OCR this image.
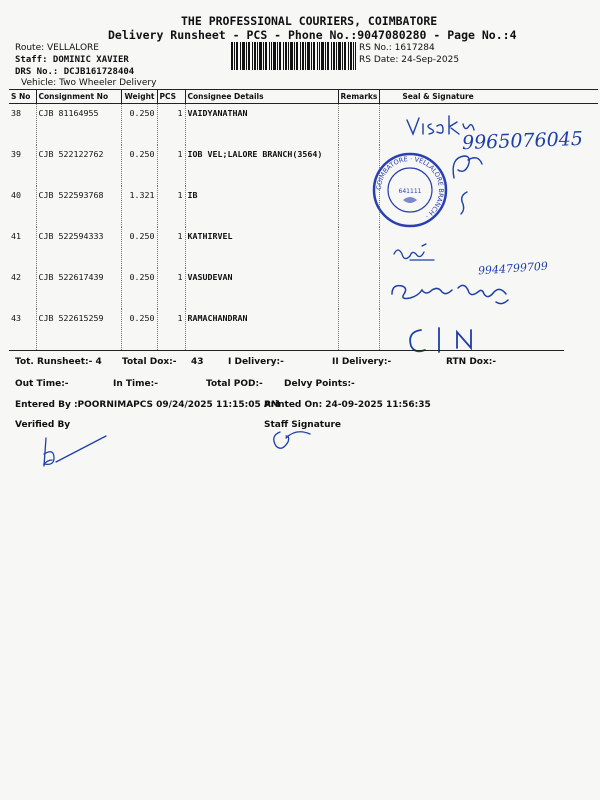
THE PROFESSIONAL COURIERS, COIMBATORE
Delivery Runsheet - PCS - Phone No.:9047080280 - Page No.:4
Route: VELLALORE
Staff: DOMINIC XAVIER
DRS No.: DCJB161728404
Vehicle: Two Wheeler Delivery
RS No.: 1617284
RS Date: 24-Sep-2025
S No	Consignment No	Weight	PCS	Consignee Details	Remarks	Seal & Signature
38	CJB 81164955	0.250	1	VAIDYANATHAN		
39	CJB 522122762	0.250	1	IOB VEL;LALORE BRANCH(3564)		
40	CJB 522593768	1.321	1	IB		
41	CJB 522594333	0.250	1	KATHIRVEL		
42	CJB 522617439	0.250	1	VASUDEVAN		
43	CJB 522615259	0.250	1	RAMACHANDRAN		
9965076045
COIMBATORE · VELLALORE BRANCH ·
641111
9944799709
Tot. Runsheet:- 4 Total Dox:- 43	I Delivery:-	II Delivery:-	RTN Dox:-
Out Time:-	In Time:-	Total POD:- Delvy Points:-
Entered By :POORNIMAPCS 09/24/2025 11:15:05 AM
Printed On: 24-09-2025 11:56:35
Verified By	Staff Signature
